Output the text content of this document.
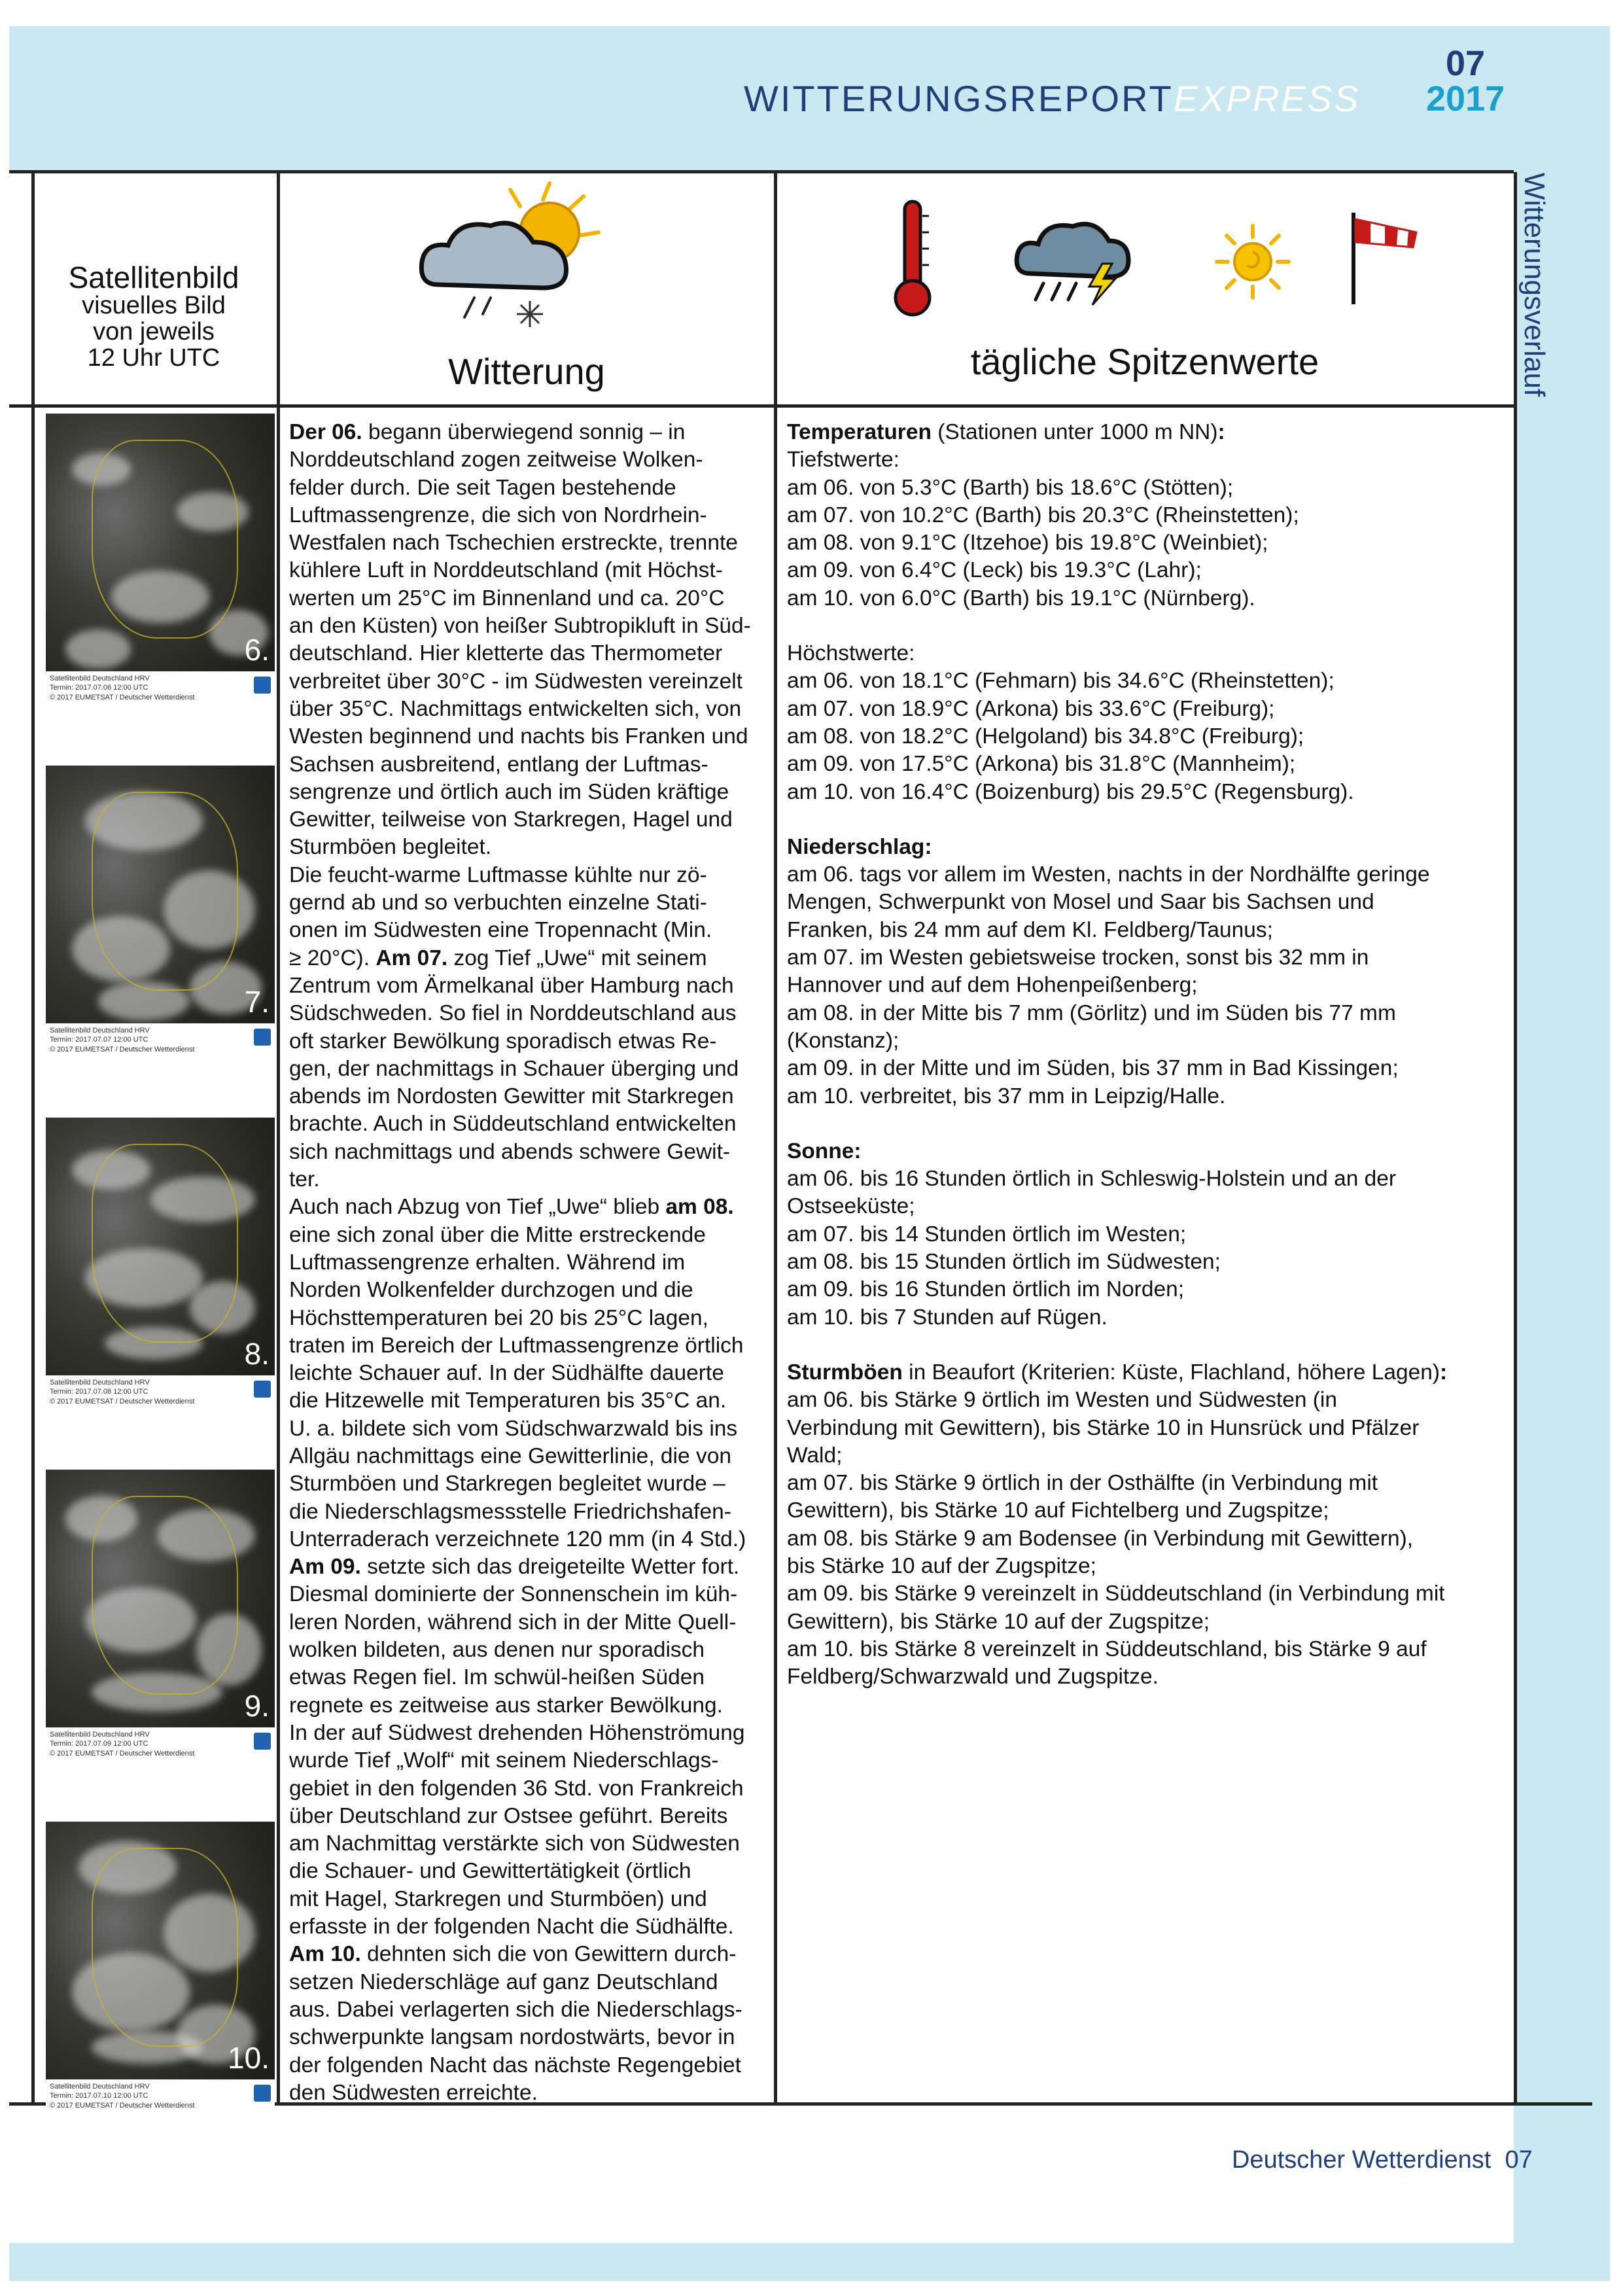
WITTERUNGSREPORTEXPRESS
07
2017
Satellitenbild
visuelles Bild
von jeweils
12 Uhr UTC	Witterung	tägliche Spitzenwerte	Witterungsverlauf
6.
Satellitenbild Deutschland HRV
Termin: 2017.07.06 12:00 UTC
© 2017 EUMETSAT / Deutscher Wetterdienst
7.
Satellitenbild Deutschland HRV
Termin: 2017.07.07 12:00 UTC
© 2017 EUMETSAT / Deutscher Wetterdienst
8.
Satellitenbild Deutschland HRV
Termin: 2017.07.08 12:00 UTC
© 2017 EUMETSAT / Deutscher Wetterdienst
9.
Satellitenbild Deutschland HRV
Termin: 2017.07.09 12:00 UTC
© 2017 EUMETSAT / Deutscher Wetterdienst
10.
Satellitenbild Deutschland HRV
Termin: 2017.07.10 12:00 UTC
© 2017 EUMETSAT / Deutscher Wetterdienst
Der 06. begann überwiegend sonnig – in
Norddeutschland zogen zeitweise Wolken-
felder durch. Die seit Tagen bestehende
Luftmassengrenze, die sich von Nordrhein-
Westfalen nach Tschechien erstreckte, trennte
kühlere Luft in Norddeutschland (mit Höchst-
werten um 25°C im Binnenland und ca. 20°C
an den Küsten) von heißer Subtropikluft in Süd-
deutschland. Hier kletterte das Thermometer
verbreitet über 30°C - im Südwesten vereinzelt
über 35°C. Nachmittags entwickelten sich, von
Westen beginnend und nachts bis Franken und
Sachsen ausbreitend, entlang der Luftmas-
sengrenze und örtlich auch im Süden kräftige
Gewitter, teilweise von Starkregen, Hagel und
Sturmböen begleitet.
Die feucht-warme Luftmasse kühlte nur zö-
gernd ab und so verbuchten einzelne Stati-
onen im Südwesten eine Tropennacht (Min.
≥ 20°C). Am 07. zog Tief „Uwe“ mit seinem
Zentrum vom Ärmelkanal über Hamburg nach
Südschweden. So fiel in Norddeutschland aus
oft starker Bewölkung sporadisch etwas Re-
gen, der nachmittags in Schauer überging und
abends im Nordosten Gewitter mit Starkregen
brachte. Auch in Süddeutschland entwickelten
sich nachmittags und abends schwere Gewit-
ter.
Auch nach Abzug von Tief „Uwe“ blieb am 08.
eine sich zonal über die Mitte erstreckende
Luftmassengrenze erhalten. Während im
Norden Wolkenfelder durchzogen und die
Höchsttemperaturen bei 20 bis 25°C lagen,
traten im Bereich der Luftmassengrenze örtlich
leichte Schauer auf. In der Südhälfte dauerte
die Hitzewelle mit Temperaturen bis 35°C an.
U. a. bildete sich vom Südschwarzwald bis ins
Allgäu nachmittags eine Gewitterlinie, die von
Sturmböen und Starkregen begleitet wurde –
die Niederschlagsmessstelle Friedrichshafen-
Unterraderach verzeichnete 120 mm (in 4 Std.)
Am 09. setzte sich das dreigeteilte Wetter fort.
Diesmal dominierte der Sonnenschein im küh-
leren Norden, während sich in der Mitte Quell-
wolken bildeten, aus denen nur sporadisch
etwas Regen fiel. Im schwül-heißen Süden
regnete es zeitweise aus starker Bewölkung.
In der auf Südwest drehenden Höhenströmung
wurde Tief „Wolf“ mit seinem Niederschlags-
gebiet in den folgenden 36 Std. von Frankreich
über Deutschland zur Ostsee geführt. Bereits
am Nachmittag verstärkte sich von Südwesten
die Schauer- und Gewittertätigkeit (örtlich
mit Hagel, Starkregen und Sturmböen) und
erfasste in der folgenden Nacht die Südhälfte.
Am 10. dehnten sich die von Gewittern durch-
setzen Niederschläge auf ganz Deutschland
aus. Dabei verlagerten sich die Niederschlags-
schwerpunkte langsam nordostwärts, bevor in
der folgenden Nacht das nächste Regengebiet
den Südwesten erreichte.
Temperaturen (Stationen unter 1000 m NN):
Tiefstwerte:
am 06. von 5.3°C (Barth) bis 18.6°C (Stötten);
am 07. von 10.2°C (Barth) bis 20.3°C (Rheinstetten);
am 08. von 9.1°C (Itzehoe) bis 19.8°C (Weinbiet);
am 09. von 6.4°C (Leck) bis 19.3°C (Lahr);
am 10. von 6.0°C (Barth) bis 19.1°C (Nürnberg).

Höchstwerte:
am 06. von 18.1°C (Fehmarn) bis 34.6°C (Rheinstetten);
am 07. von 18.9°C (Arkona) bis 33.6°C (Freiburg);
am 08. von 18.2°C (Helgoland) bis 34.8°C (Freiburg);
am 09. von 17.5°C (Arkona) bis 31.8°C (Mannheim);
am 10. von 16.4°C (Boizenburg) bis 29.5°C (Regensburg).

Niederschlag:
am 06. tags vor allem im Westen, nachts in der Nordhälfte geringe
Mengen, Schwerpunkt von Mosel und Saar bis Sachsen und
Franken, bis 24 mm auf dem Kl. Feldberg/Taunus;
am 07. im Westen gebietsweise trocken, sonst bis 32 mm in
Hannover und auf dem Hohenpeißenberg;
am 08. in der Mitte bis 7 mm (Görlitz) und im Süden bis 77 mm
(Konstanz);
am 09. in der Mitte und im Süden, bis 37 mm in Bad Kissingen;
am 10. verbreitet, bis 37 mm in Leipzig/Halle.

Sonne:
am 06. bis 16 Stunden örtlich in Schleswig-Holstein und an der
Ostseeküste;
am 07. bis 14 Stunden örtlich im Westen;
am 08. bis 15 Stunden örtlich im Südwesten;
am 09. bis 16 Stunden örtlich im Norden;
am 10. bis 7 Stunden auf Rügen.

Sturmböen in Beaufort (Kriterien: Küste, Flachland, höhere Lagen):
am 06. bis Stärke 9 örtlich im Westen und Südwesten (in
Verbindung mit Gewittern), bis Stärke 10 in Hunsrück und Pfälzer
Wald;
am 07. bis Stärke 9 örtlich in der Osthälfte (in Verbindung mit
Gewittern), bis Stärke 10 auf Fichtelberg und Zugspitze;
am 08. bis Stärke 9 am Bodensee (in Verbindung mit Gewittern),
bis Stärke 10 auf der Zugspitze;
am 09. bis Stärke 9 vereinzelt in Süddeutschland (in Verbindung mit
Gewittern), bis Stärke 10 auf der Zugspitze;
am 10. bis Stärke 8 vereinzelt in Süddeutschland, bis Stärke 9 auf
Feldberg/Schwarzwald und Zugspitze.
Deutscher Wetterdienst 07
